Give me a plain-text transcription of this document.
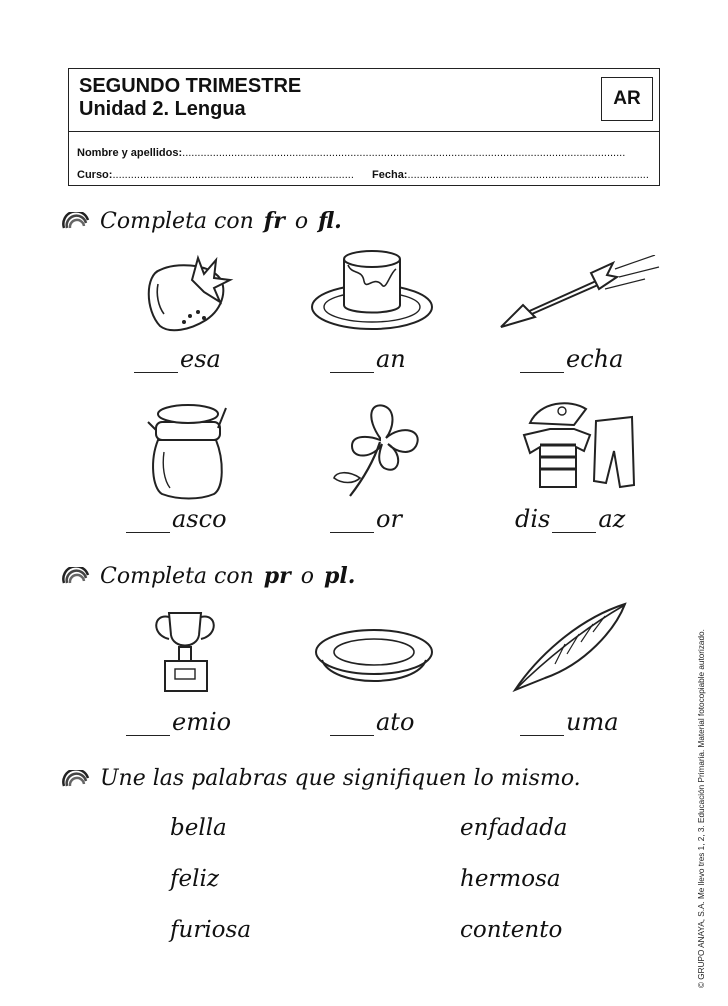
SEGUNDO TRIMESTRE
Unidad 2. Lengua	AR
Nombre y apellidos:.................................................................................................................................................
Curso:............................................................................... Fecha:...............................................................................
© GRUPO ANAYA, S.A. Me llevo tres 1, 2, 3. Educación Primaria. Material fotocopiable autorizado.
Completa con fr o fl.
esa	an	echa
asco	or	dis az
Completa con pr o pl.
emio	ato	uma
Une las palabras que signifiquen lo mismo.
bella
feliz
furiosa
enfadada
hermosa
contento
